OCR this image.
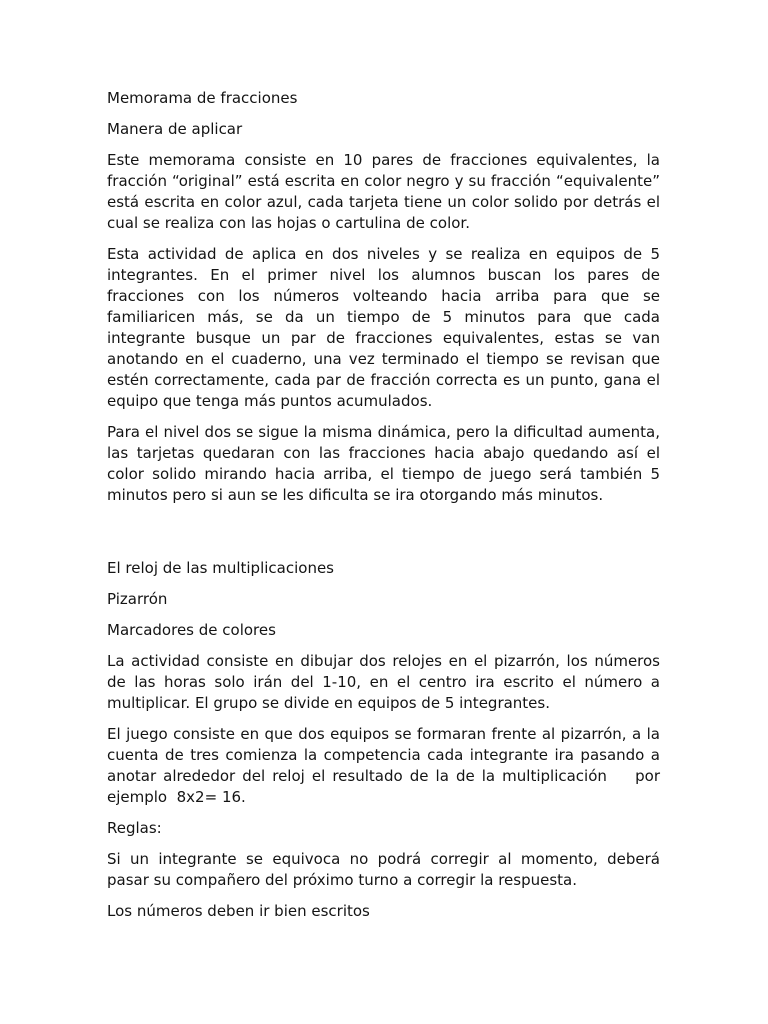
Memorama de fracciones

Manera de aplicar

Este memorama consiste en 10 pares de fracciones equivalentes, la fracción “original” está escrita en color negro y su fracción “equivalente” está escrita en color azul, cada tarjeta tiene un color solido por detrás el cual se realiza con las hojas o cartulina de color.

Esta actividad de aplica en dos niveles y se realiza en equipos de 5 integrantes. En el primer nivel los alumnos buscan los pares de fracciones con los números volteando hacia arriba para que se familiaricen más, se da un tiempo de 5 minutos para que cada integrante busque un par de fracciones equivalentes, estas se van anotando en el cuaderno, una vez terminado el tiempo se revisan que estén correctamente, cada par de fracción correcta es un punto, gana el equipo que tenga más puntos acumulados.

Para el nivel dos se sigue la misma dinámica, pero la dificultad aumenta, las tarjetas quedaran con las fracciones hacia abajo quedando así el color solido mirando hacia arriba, el tiempo de juego será también 5 minutos pero si aun se les dificulta se ira otorgando más minutos.

El reloj de las multiplicaciones

Pizarrón

Marcadores de colores

La actividad consiste en dibujar dos relojes en el pizarrón, los números de las horas solo irán del 1-10, en el centro ira escrito el número a multiplicar. El grupo se divide en equipos de 5 integrantes.

El juego consiste en que dos equipos se formaran frente al pizarrón, a la cuenta de tres comienza la competencia cada integrante ira pasando a anotar alrededor del reloj el resultado de la de la multiplicación    por ejemplo  8x2= 16.

Reglas:

Si un integrante se equivoca no podrá corregir al momento, deberá pasar su compañero del próximo turno a corregir la respuesta.

Los números deben ir bien escritos
